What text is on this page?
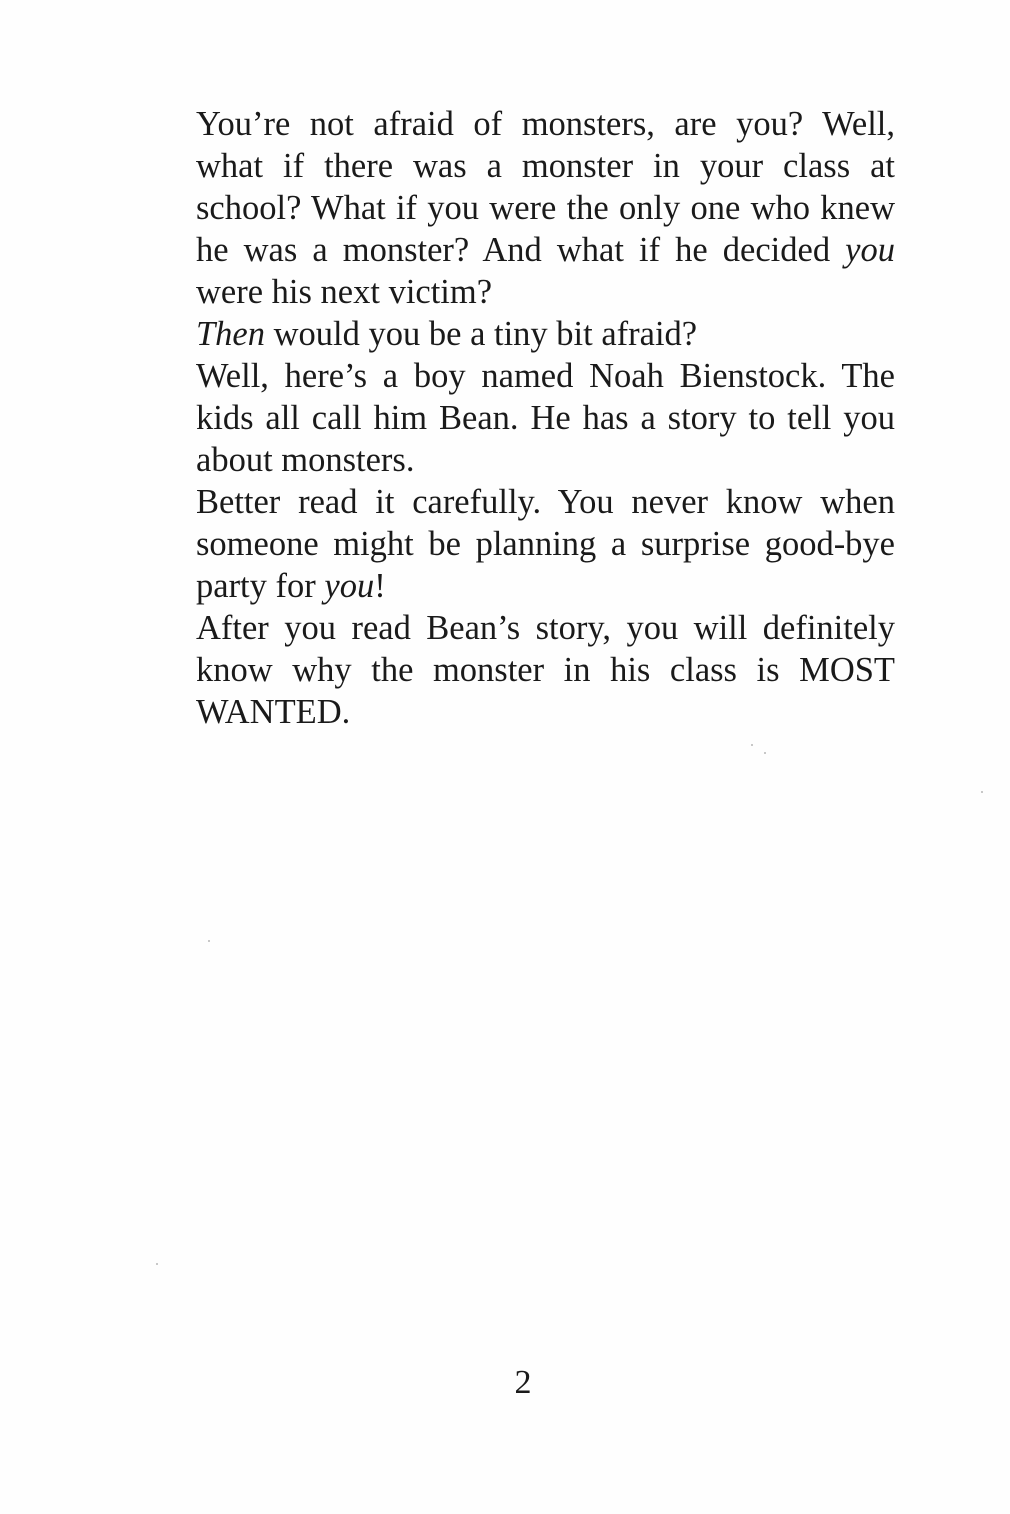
You’re not afraid of monsters, are you? Well,
what if there was a monster in your class at
school? What if you were the only one who knew
he was a monster? And what if he decided you
were his next victim?
Then would you be a tiny bit afraid?
Well, here’s a boy named Noah Bienstock. The
kids all call him Bean. He has a story to tell you
about monsters.
Better read it carefully. You never know when
someone might be planning a surprise good-bye
party for you!
After you read Bean’s story, you will definitely
know why the monster in his class is MOST
WANTED.
2
